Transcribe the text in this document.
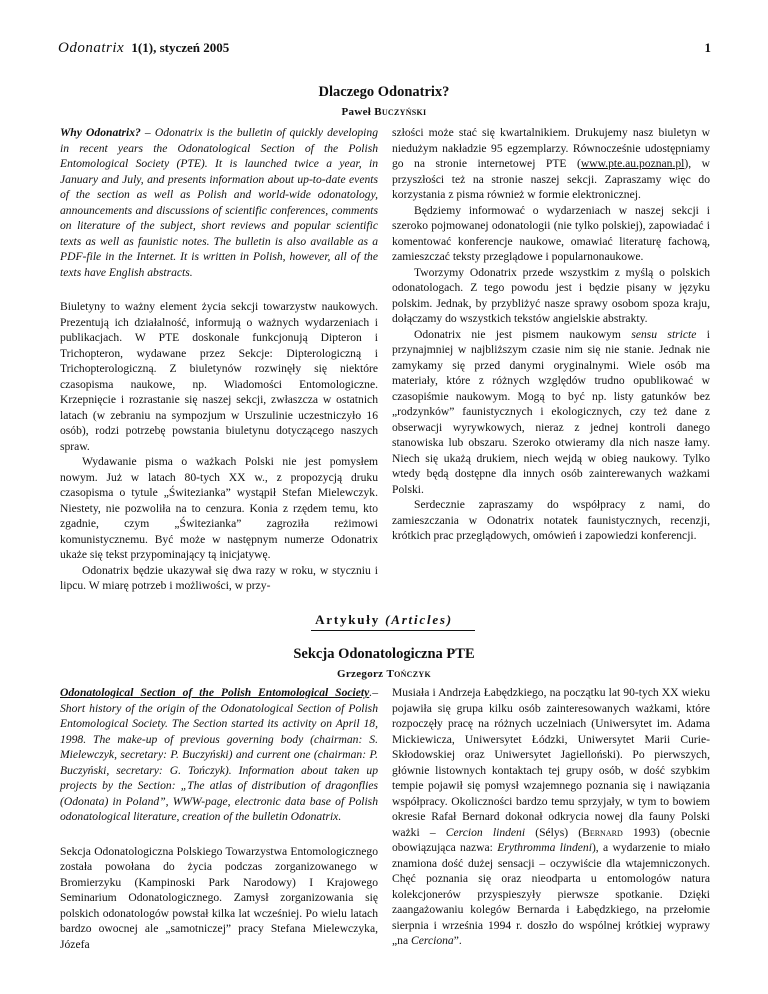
Odonatrix 1(1), styczeń 2005	1
Dlaczego Odonatrix?
Paweł Buczyński

Why Odonatrix? – Odonatrix is the bulletin of quickly developing in recent years the Odonatological Section of the Polish Entomological Society (PTE). It is launched twice a year, in January and July, and presents information about up-to-date events of the section as well as Polish and world-wide odonatology, announcements and discussions of scientific conferences, comments on literature of the subject, short reviews and popular scientific texts as well as faunistic notes. The bulletin is also available as a PDF-file in the Internet. It is written in Polish, however, all of the texts have English abstracts.

Biuletyny to ważny element życia sekcji towarzystw naukowych. Prezentują ich działalność, informują o ważnych wydarzeniach i publikacjach. W PTE doskonale funkcjonują Dipteron i Trichopteron, wydawane przez Sekcje: Dipterologiczną i Trichopterologiczną. Z biuletynów rozwinęły się niektóre czasopisma naukowe, np. Wiadomości Entomologiczne. Krzepnięcie i rozrastanie się naszej sekcji, zwłaszcza w ostatnich latach (w zebraniu na sympozjum w Urszulinie uczestniczyło 16 osób), rodzi potrzebę powstania biuletynu dotyczącego naszych spraw.

Wydawanie pisma o ważkach Polski nie jest pomysłem nowym. Już w latach 80-tych XX w., z propozycją druku czasopisma o tytule „Świtezianka” wystąpił Stefan Mielewczyk. Niestety, nie pozwoliła na to cenzura. Konia z rzędem temu, kto zgadnie, czym „Świtezianka” zagroziła reżimowi komunistycznemu. Być może w następnym numerze Odonatrix ukaże się tekst przypominający tą inicjatywę.

Odonatrix będzie ukazywał się dwa razy w roku, w styczniu i lipcu. W miarę potrzeb i możliwości, w przy-

szłości może stać się kwartalnikiem. Drukujemy nasz biuletyn w niedużym nakładzie 95 egzemplarzy. Równocześnie udostępniamy go na stronie internetowej PTE (www.pte.au.poznan.pl), w przyszłości też na stronie naszej sekcji. Zapraszamy więc do korzystania z pisma również w formie elektronicznej.

Będziemy informować o wydarzeniach w naszej sekcji i szeroko pojmowanej odonatologii (nie tylko polskiej), zapowiadać i komentować konferencje naukowe, omawiać literaturę fachową, zamieszczać teksty przeglądowe i popularnonaukowe.

Tworzymy Odonatrix przede wszystkim z myślą o polskich odonatologach. Z tego powodu jest i będzie pisany w języku polskim. Jednak, by przybliżyć nasze sprawy osobom spoza kraju, dołączamy do wszystkich tekstów angielskie abstrakty.

Odonatrix nie jest pismem naukowym sensu stricte i przynajmniej w najbliższym czasie nim się nie stanie. Jednak nie zamykamy się przed danymi oryginalnymi. Wiele osób ma materiały, które z różnych względów trudno opublikować w czasopiśmie naukowym. Mogą to być np. listy gatunków bez „rodzynków” faunistycznych i ekologicznych, czy też dane z obserwacji wyrywkowych, nieraz z jednej kontroli danego stanowiska lub obszaru. Szeroko otwieramy dla nich nasze łamy. Niech się ukażą drukiem, niech wejdą w obieg naukowy. Tylko wtedy będą dostępne dla innych osób zainterewanych ważkami Polski.

Serdecznie zapraszamy do współpracy z nami, do zamieszczania w Odonatrix notatek faunistycznych, recenzji, krótkich prac przeglądowych, omówień i zapowiedzi konferencji.

Artykuły (Articles)
Sekcja Odonatologiczna PTE
Grzegorz Tończyk

Odonatological Section of the Polish Entomological Society.– Short history of the origin of the Odonatological Section of Polish Entomological Society. The Section started its activity on April 18, 1998. The make-up of previous governing body (chairman: S. Mielewczyk, secretary: P. Buczyński) and current one (chairman: P. Buczyński, secretary: G. Tończyk). Information about taken up projects by the Section: „The atlas of distribution of dragonflies (Odonata) in Poland”, WWW-page, electronic data base of Polish odonatological literature, creation of the bulletin Odonatrix.

Sekcja Odonatologiczna Polskiego Towarzystwa Entomologicznego została powołana do życia podczas zorganizowanego w Bromierzyku (Kampinoski Park Narodowy) I Krajowego Seminarium Odonatologicznego. Zamysł zorganizowania się polskich odonatologów powstał kilka lat wcześniej. Po wielu latach bardzo owocnej ale „samotniczej” pracy Stefana Mielewczyka, Józefa

Musiała i Andrzeja Łabędzkiego, na początku lat 90-tych XX wieku pojawiła się grupa kilku osób zainteresowanych ważkami, które rozpoczęły pracę na różnych uczelniach (Uniwersytet im. Adama Mickiewicza, Uniwersytet Łódzki, Uniwersytet Marii Curie-Skłodowskiej oraz Uniwersytet Jagielloński). Po pierwszych, głównie listownych kontaktach tej grupy osób, w dość szybkim tempie pojawił się pomysł wzajemnego poznania się i nawiązania współpracy. Okoliczności bardzo temu sprzyjały, w tym to bowiem okresie Rafał Bernard dokonał odkrycia nowej dla fauny Polski ważki – Cercion lindeni (Sélys) (Bernard 1993) (obecnie obowiązująca nazwa: Erythromma lindeni), a wydarzenie to miało znamiona dość dużej sensacji – oczywiście dla wtajemniczonych. Chęć poznania się oraz nieodparta u entomologów natura kolekcjonerów przyspieszyły pierwsze spotkanie. Dzięki zaangażowaniu kolegów Bernarda i Łabędzkiego, na przełomie sierpnia i września 1994 r. doszło do wspólnej krótkiej wyprawy „na Cerciona”.
